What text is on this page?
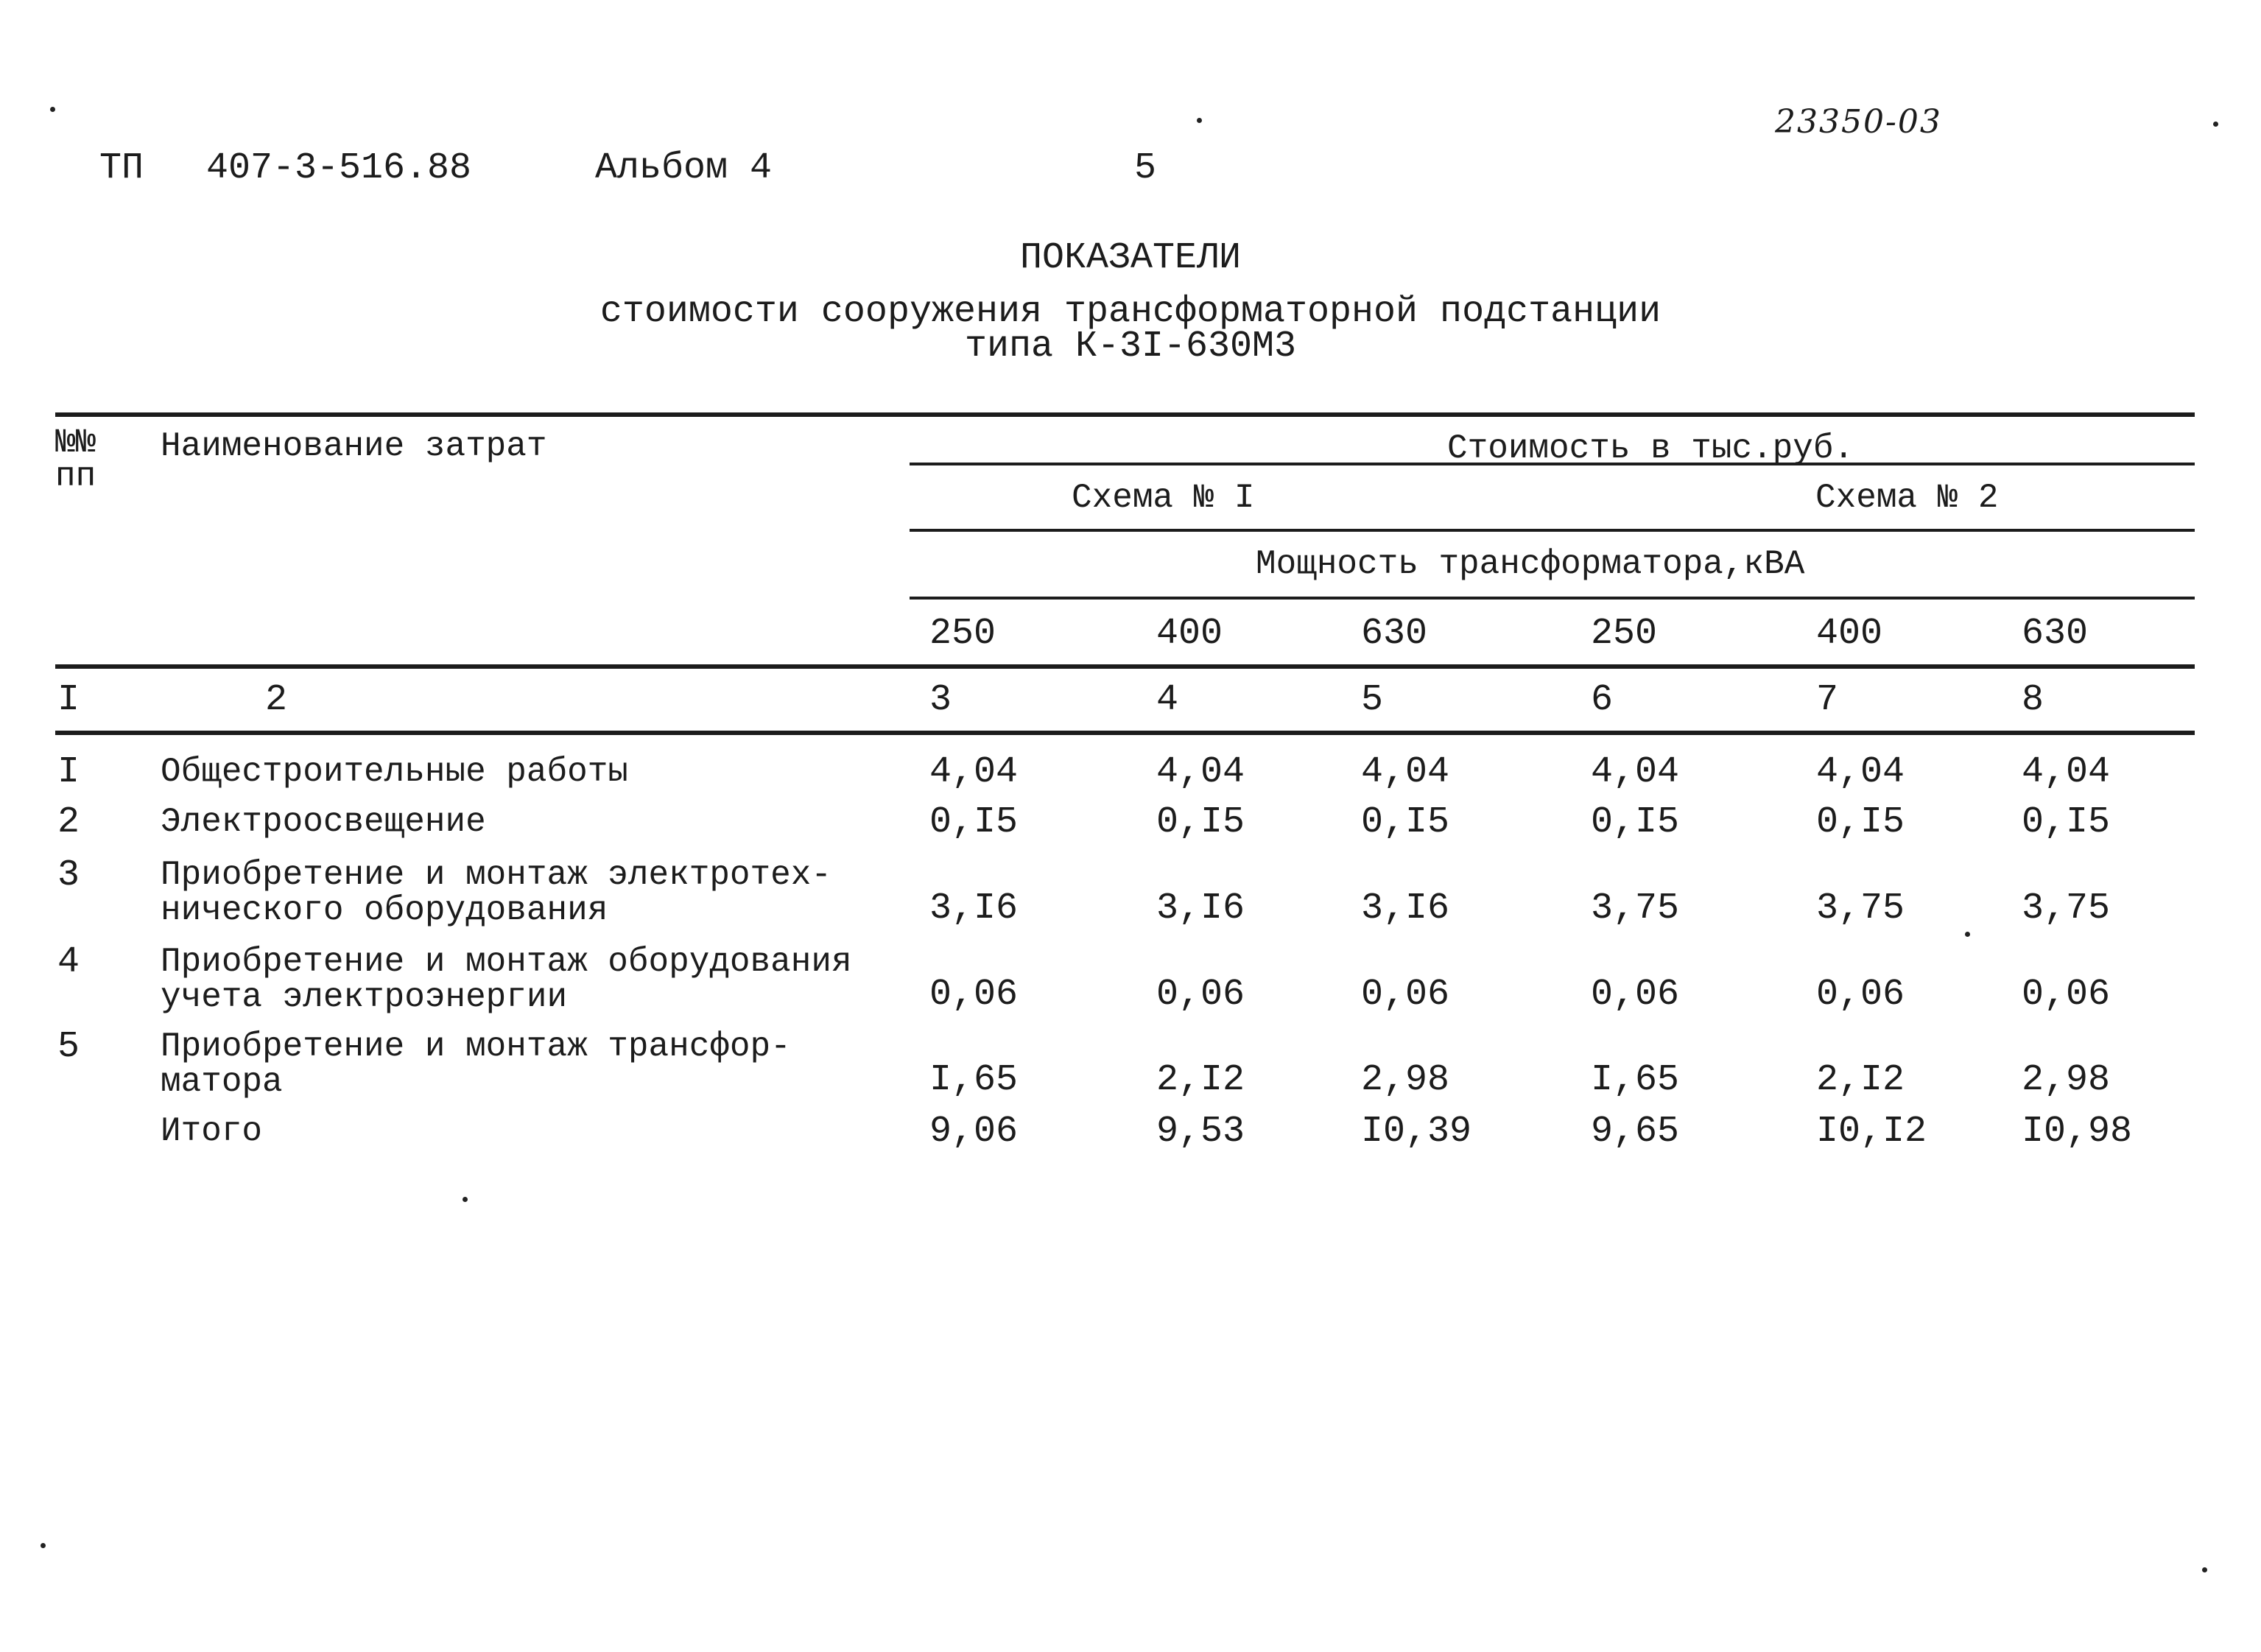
23350-03
ТП 407-3-516.88	Альбом 4	5
ПОКАЗАТЕЛИ
стоимости сооружения трансформаторной подстанции
типа К-3I-630М3
№№
пп
Наименование затрат	Стоимость в тыс.руб.
Схема № I	Схема № 2
Мощность трансформатора,кВА
250	400	630	250	400	630
I	2	3	4	5	6	7	8
I Общестроительные работы	4,04	4,04	4,04	4,04	4,04	4,04
2 Электроосвещение	0,I5	0,I5	0,I5	0,I5	0,I5	0,I5
3 Приобретение и монтаж электротех-
нического оборудования	3,I6	3,I6	3,I6	3,75	3,75	3,75
4 Приобретение и монтаж оборудования
учета электроэнергии	0,06	0,06	0,06	0,06	0,06	0,06
5 Приобретение и монтаж трансфор-
матора	I,65	2,I2	2,98	I,65	2,I2	2,98
Итого	9,06	9,53	I0,39	9,65	I0,I2	I0,98
